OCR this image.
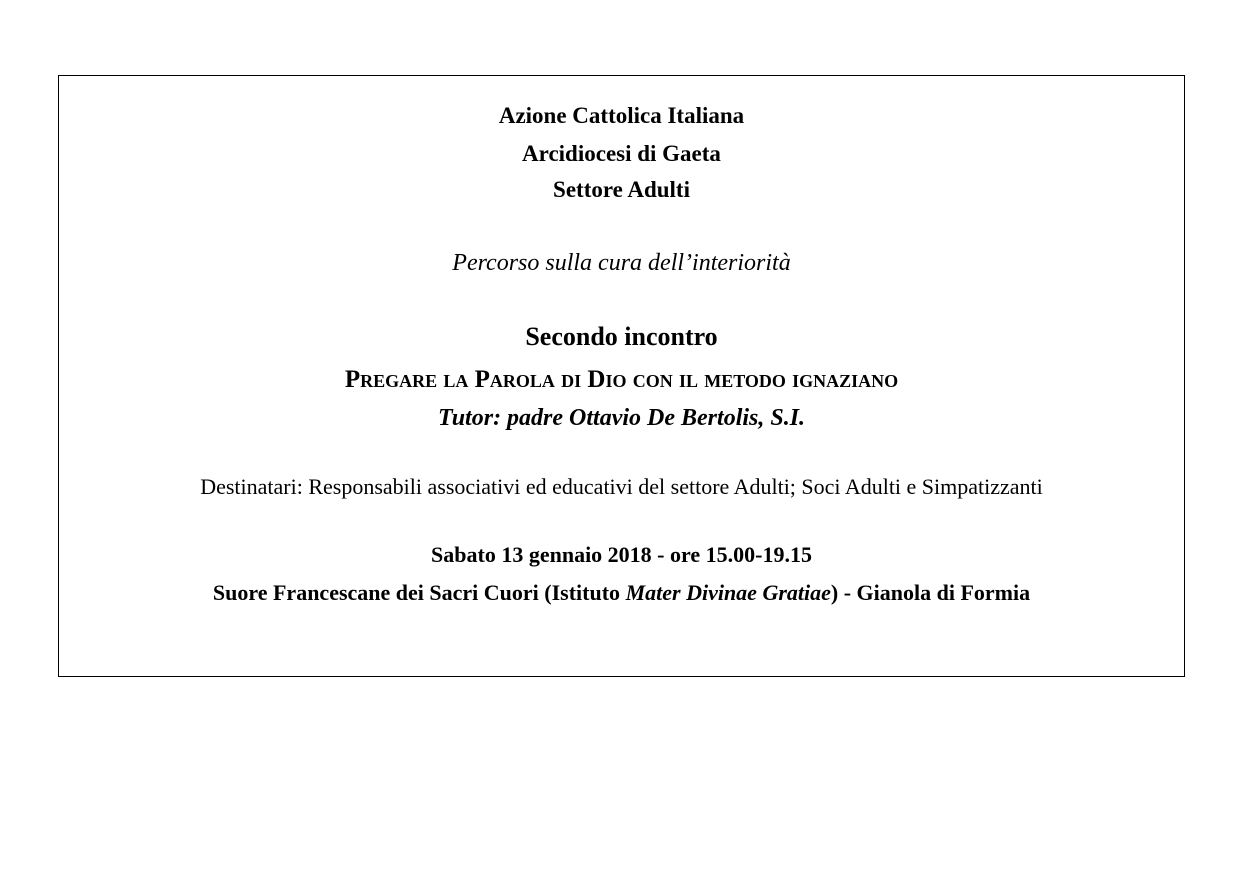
Azione Cattolica Italiana
Arcidiocesi di Gaeta
Settore Adulti
Percorso sulla cura dell’interiorità
Secondo incontro
Pregare la Parola di Dio con il metodo ignaziano
Tutor: padre Ottavio De Bertolis, S.I.
Destinatari: Responsabili associativi ed educativi del settore Adulti; Soci Adulti e Simpatizzanti
Sabato 13 gennaio 2018 - ore 15.00-19.15
Suore Francescane dei Sacri Cuori (Istituto Mater Divinae Gratiae) - Gianola di Formia
